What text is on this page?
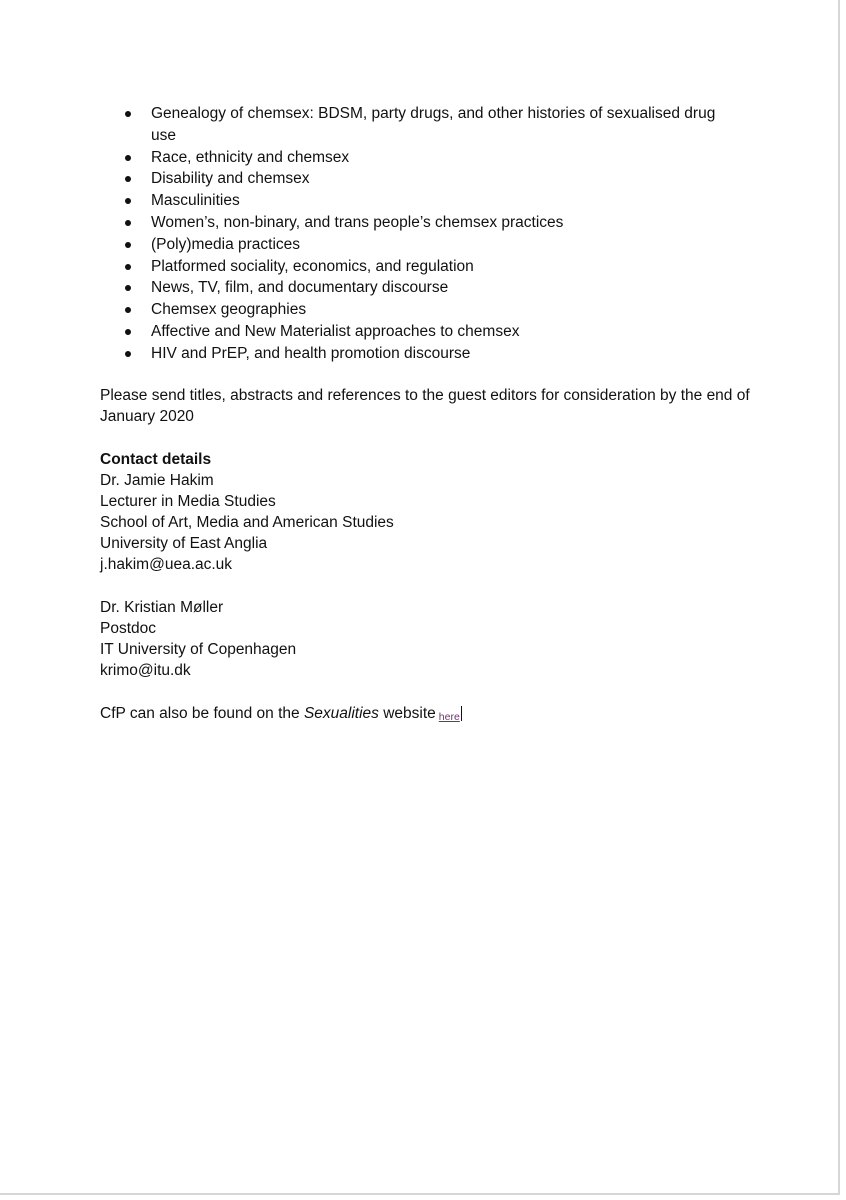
Genealogy of chemsex: BDSM, party drugs, and other histories of sexualised drug use
Race, ethnicity and chemsex
Disability and chemsex
Masculinities
Women’s, non-binary, and trans people’s chemsex practices
(Poly)media practices
Platformed sociality, economics, and regulation
News, TV, film, and documentary discourse
Chemsex geographies
Affective and New Materialist approaches to chemsex
HIV and PrEP, and health promotion discourse
Please send titles, abstracts and references to the guest editors for consideration by the end of January 2020
Contact details
Dr. Jamie Hakim
Lecturer in Media Studies
School of Art, Media and American Studies
University of East Anglia
j.hakim@uea.ac.uk
Dr. Kristian Møller
Postdoc
IT University of Copenhagen
krimo@itu.dk
CfP can also be found on the Sexualities website here
